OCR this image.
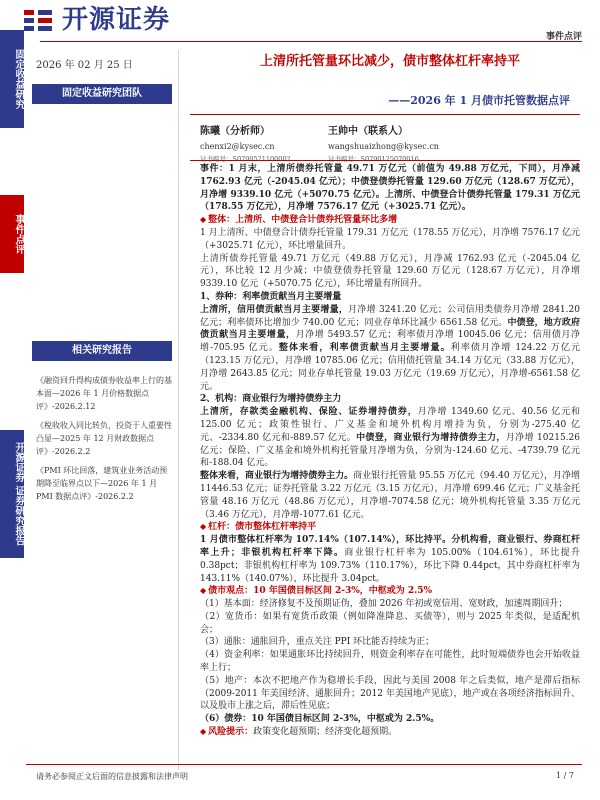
开源证券
事件点评
固定收益研究
事件点评
开源证券 证券研究报告
2026 年 02 月 25 日
固定收益研究团队
相关研究报告
《融资回升得构成债券收益率上行的基本面—2026 年 1 月价格数据点评》-2026.2.12
《税收收入同比转负，投资于人重要性凸显—2025 年 12 月财政数据点评》-2026.2.2
《PMI 环比回落，建筑业业务活动预期降至临界点以下—2026 年 1 月 PMI 数据点评》-2026.2.2
上清所托管量环比减少，债市整体杠杆率持平
——2026 年 1 月债市托管数据点评
陈曦（分析师）
chenxi2@kysec.cn
证书编号：S0790521100002
王帅中（联系人）
wangshuaizhong@kysec.cn
证书编号：S0790125070016

事件：1 月末，上清所债券托管量 49.71 万亿元（前值为 49.88 万亿元，下同），月净减 1762.93 亿元（-2045.04 亿元）；中债登债券托管量 129.60 万亿元（128.67 万亿元），月净增 9339.10 亿元（+5070.75 亿元）。上清所、中债登合计债券托管量 179.31 万亿元（178.55 万亿元），月净增 7576.17 亿元（+3025.71 亿元）。

◆ 整体：上清所、中债登合计债券托管量环比多增

1 月上清所、中债登合计债券托管量 179.31 万亿元（178.55 万亿元），月净增 7576.17 亿元（+3025.71 亿元），环比增量回升。

上清所债券托管量 49.71 万亿元（49.88 万亿元），月净减 1762.93 亿元（-2045.04 亿元），环比较 12 月少减；中债登债券托管量 129.60 万亿元（128.67 万亿元），月净增 9339.10 亿元（+5070.75 亿元），环比增量有所回升。

1、券种：利率债贡献当月主要增量

上清所，信用债贡献当月主要增量，月净增 3241.20 亿元；公司信用类债券月净增 2841.20 亿元；利率债环比增加少 740.00 亿元；同业存单环比减少 6561.58 亿元。中债登，地方政府债贡献当月主要增量，月净增 5493.57 亿元；利率债月净增 10045.06 亿元；信用债月净增-705.95 亿元。整体来看，利率债贡献当月主要增量。利率债月净增 124.22 万亿元（123.15 万亿元），月净增 10785.06 亿元；信用债托管量 34.14 万亿元（33.88 万亿元），月净增 2643.85 亿元；同业存单托管量 19.03 万亿元（19.69 万亿元），月净增-6561.58 亿元。

2、机构：商业银行为增持债券主力

上清所，存款类金融机构、保险、证券增持债券，月净增 1349.60 亿元、40.56 亿元和 125.00 亿元；政策性银行、广义基金和境外机构月增持为负，分别为-275.40 亿元、-2334.80 亿元和-889.57 亿元。中债登，商业银行为增持债券主力，月净增 10215.26 亿元；保险、广义基金和境外机构托管量月净增为负，分别为-124.60 亿元、-4739.79 亿元和-188.04 亿元。

整体来看，商业银行为增持债券主力。商业银行托管量 95.55 万亿元（94.40 万亿元），月净增 11446.53 亿元；证券托管量 3.22 万亿元（3.15 万亿元），月净增 699.46 亿元；广义基金托管量 48.16 万亿元（48.86 万亿元），月净增-7074.58 亿元；境外机构托管量 3.35 万亿元（3.46 万亿元），月净增-1077.61 亿元。

◆ 杠杆：债市整体杠杆率持平

1 月债市整体杠杆率为 107.14%（107.14%），环比持平。分机构看，商业银行、券商杠杆率上升；非银机构杠杆率下降。商业银行杠杆率为 105.00%（104.61%），环比提升 0.38pct；非银机构杠杆率为 109.73%（110.17%），环比下降 0.44pct，其中券商杠杆率为 143.11%（140.07%），环比提升 3.04pct。

◆ 债市观点：10 年国债目标区间 2-3%，中枢或为 2.5%

（1）基本面：经济修复不及预期证伪，叠加 2026 年初或宽信用、宽财政，加速周期回升；

（2）宽货币：如果有宽货币政策（例如降准降息、买债等），则与 2025 年类似，是适配机会；

（3）通胀：通胀回升，重点关注 PPI 环比能否持续为正；

（4）资金利率：如果通胀环比持续回升，则资金利率存在可能性，此时短端债券也会开始收益率上行；

（5）地产：本次不把地产作为稳增长手段，因此与美国 2008 年之后类似，地产是滞后指标（2009-2011 年美国经济、通胀回升；2012 年美国地产见底），地产或在各项经济指标回升、以及股市上涨之后，滞后性见底；

（6）债券：10 年国债目标区间 2-3%，中枢或为 2.5%。

◆ 风险提示：政策变化超预期；经济变化超预期。

请务必参阅正文后面的信息披露和法律声明	1 / 7
